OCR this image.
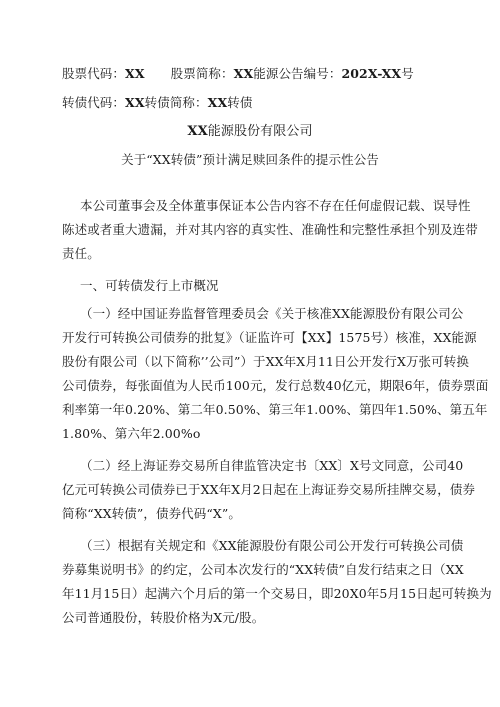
股票代码：XX 股票简称：XX能源公告编号：202X-XX号
转债代码：XX转债简称：XX转债
XX能源股份有限公司
关于“XX转债”预计满足赎回条件的提示性公告
本公司董事会及全体董事保证本公告内容不存在任何虚假记载、误导性
陈述或者重大遗漏，并对其内容的真实性、准确性和完整性承担个别及连带
责任。
一、可转债发行上市概况
（一）经中国证券监督管理委员会《关于核准XX能源股份有限公司公
开发行可转换公司债券的批复》（证监许可【XX】1575号）核准，XX能源
股份有限公司（以下简称’’公司”）于XX年X月11日公开发行X万张可转换
公司债券，每张面值为人民币100元，发行总数40亿元，期限6年，债券票面
利率第一年0.20%、第二年0.50%、第三年1.00%、第四年1.50%、第五年
1.80%、第六年2.00%o
（二）经上海证券交易所自律监管决定书〔XX〕X号文同意，公司40
亿元可转换公司债券已于XX年X月2日起在上海证券交易所挂牌交易，债券
简称“XX转债”，债券代码“X”。
（三）根据有关规定和《XX能源股份有限公司公开发行可转换公司债
券募集说明书》的约定，公司本次发行的“XX转债”自发行结束之日（XX
年11月15日）起满六个月后的第一个交易日，即20X0年5月15日起可转换为
公司普通股份，转股价格为X元/股。
